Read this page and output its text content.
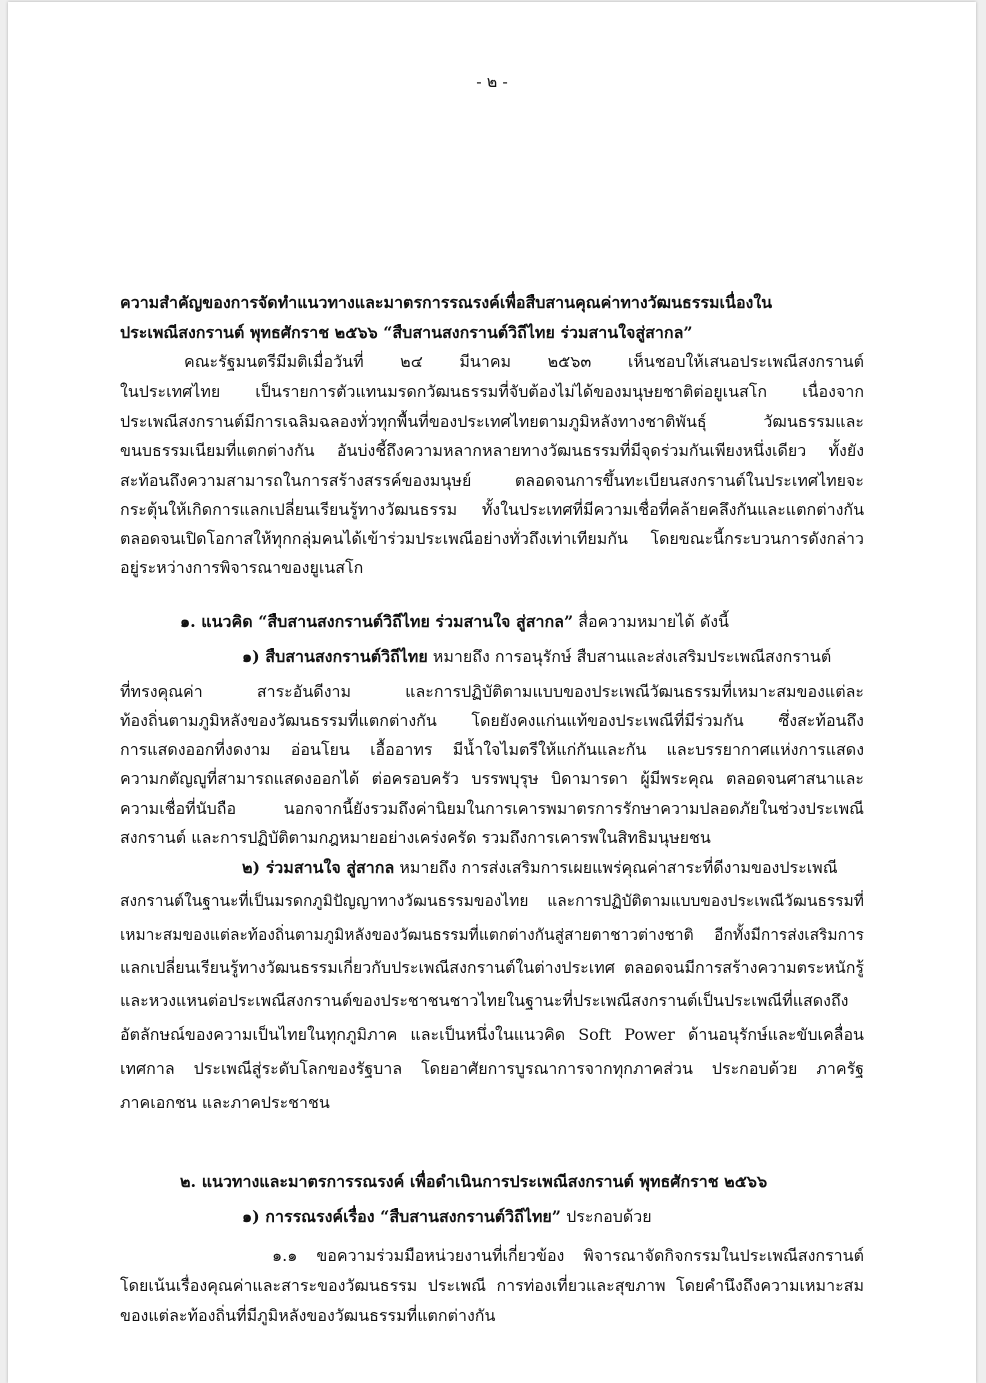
- ๒ -
ความสำคัญของการจัดทำแนวทางและมาตรการรณรงค์เพื่อสืบสานคุณค่าทางวัฒนธรรมเนื่องใน
ประเพณีสงกรานต์ พุทธศักราช ๒๕๖๖ “สืบสานสงกรานต์วิถีไทย ร่วมสานใจสู่สากล”
คณะรัฐมนตรีมีมติเมื่อวันที่ ๒๔ มีนาคม ๒๕๖๓ เห็นชอบให้เสนอประเพณีสงกรานต์
ในประเทศไทย เป็นรายการตัวแทนมรดกวัฒนธรรมที่จับต้องไม่ได้ของมนุษยชาติต่อยูเนสโก เนื่องจาก
ประเพณีสงกรานต์มีการเฉลิมฉลองทั่วทุกพื้นที่ของประเทศไทยตามภูมิหลังทางชาติพันธุ์ วัฒนธรรมและ
ขนบธรรมเนียมที่แตกต่างกัน อันบ่งชี้ถึงความหลากหลายทางวัฒนธรรมที่มีจุดร่วมกันเพียงหนึ่งเดียว ทั้งยัง
สะท้อนถึงความสามารถในการสร้างสรรค์ของมนุษย์ ตลอดจนการขึ้นทะเบียนสงกรานต์ในประเทศไทยจะ
กระตุ้นให้เกิดการแลกเปลี่ยนเรียนรู้ทางวัฒนธรรม ทั้งในประเทศที่มีความเชื่อที่คล้ายคลึงกันและแตกต่างกัน
ตลอดจนเปิดโอกาสให้ทุกกลุ่มคนได้เข้าร่วมประเพณีอย่างทั่วถึงเท่าเทียมกัน โดยขณะนี้กระบวนการดังกล่าว
อยู่ระหว่างการพิจารณาของยูเนสโก
๑. แนวคิด “สืบสานสงกรานต์วิถีไทย ร่วมสานใจ สู่สากล” สื่อความหมายได้ ดังนี้
๑) สืบสานสงกรานต์วิถีไทย หมายถึง การอนุรักษ์ สืบสานและส่งเสริมประเพณีสงกรานต์
ที่ทรงคุณค่า สาระอันดีงาม และการปฏิบัติตามแบบของประเพณีวัฒนธรรมที่เหมาะสมของแต่ละ
ท้องถิ่นตามภูมิหลังของวัฒนธรรมที่แตกต่างกัน โดยยังคงแก่นแท้ของประเพณีที่มีร่วมกัน ซึ่งสะท้อนถึง
การแสดงออกที่งดงาม อ่อนโยน เอื้ออาทร มีน้ำใจไมตรีให้แก่กันและกัน และบรรยากาศแห่งการแสดง
ความกตัญญูที่สามารถแสดงออกได้ ต่อครอบครัว บรรพบุรุษ บิดามารดา ผู้มีพระคุณ ตลอดจนศาสนาและ
ความเชื่อที่นับถือ นอกจากนี้ยังรวมถึงค่านิยมในการเคารพมาตรการรักษาความปลอดภัยในช่วงประเพณี
สงกรานต์ และการปฏิบัติตามกฎหมายอย่างเคร่งครัด รวมถึงการเคารพในสิทธิมนุษยชน
๒) ร่วมสานใจ สู่สากล หมายถึง การส่งเสริมการเผยแพร่คุณค่าสาระที่ดีงามของประเพณี
สงกรานต์ในฐานะที่เป็นมรดกภูมิปัญญาทางวัฒนธรรมของไทย และการปฏิบัติตามแบบของประเพณีวัฒนธรรมที่
เหมาะสมของแต่ละท้องถิ่นตามภูมิหลังของวัฒนธรรมที่แตกต่างกันสู่สายตาชาวต่างชาติ อีกทั้งมีการส่งเสริมการ
แลกเปลี่ยนเรียนรู้ทางวัฒนธรรมเกี่ยวกับประเพณีสงกรานต์ในต่างประเทศ ตลอดจนมีการสร้างความตระหนักรู้
และหวงแหนต่อประเพณีสงกรานต์ของประชาชนชาวไทยในฐานะที่ประเพณีสงกรานต์เป็นประเพณีที่แสดงถึง
อัตลักษณ์ของความเป็นไทยในทุกภูมิภาค และเป็นหนึ่งในแนวคิด Soft Power ด้านอนุรักษ์และขับเคลื่อน
เทศกาล ประเพณีสู่ระดับโลกของรัฐบาล โดยอาศัยการบูรณาการจากทุกภาคส่วน ประกอบด้วย ภาครัฐ
ภาคเอกชน และภาคประชาชน
๒. แนวทางและมาตรการรณรงค์ เพื่อดำเนินการประเพณีสงกรานต์ พุทธศักราช ๒๕๖๖
๑) การรณรงค์เรื่อง “สืบสานสงกรานต์วิถีไทย” ประกอบด้วย
๑.๑ ขอความร่วมมือหน่วยงานที่เกี่ยวข้อง พิจารณาจัดกิจกรรมในประเพณีสงกรานต์
โดยเน้นเรื่องคุณค่าและสาระของวัฒนธรรม ประเพณี การท่องเที่ยวและสุขภาพ โดยคำนึงถึงความเหมาะสม
ของแต่ละท้องถิ่นที่มีภูมิหลังของวัฒนธรรมที่แตกต่างกัน
